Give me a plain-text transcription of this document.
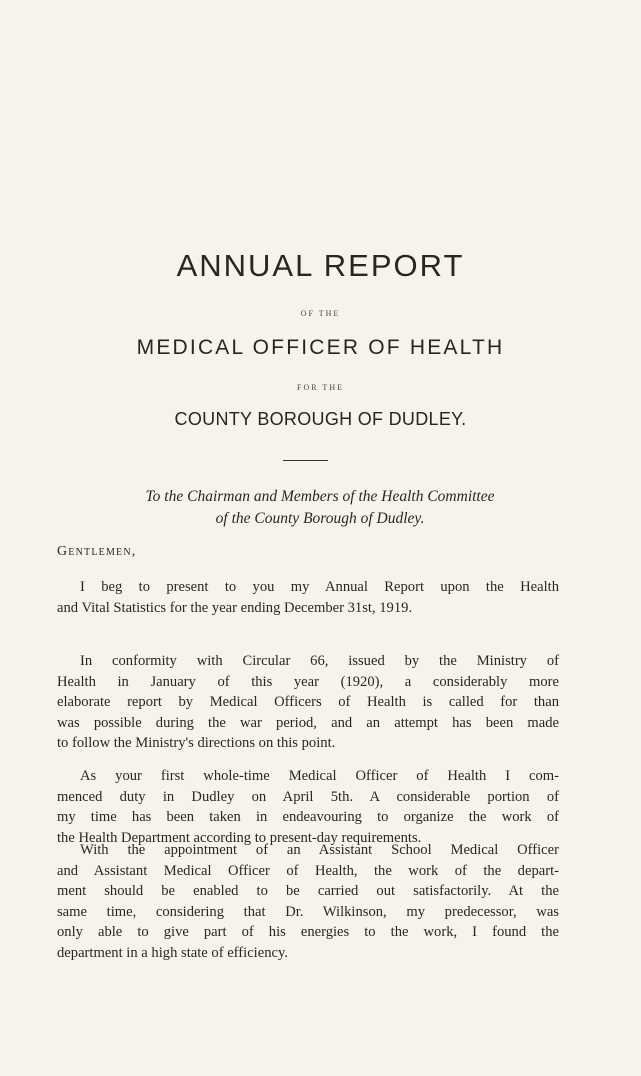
ANNUAL REPORT
OF THE
MEDICAL OFFICER OF HEALTH
FOR THE
COUNTY BOROUGH OF DUDLEY.
To the Chairman and Members of the Health Committee
of the County Borough of Dudley.
Gentlemen,
I beg to present to you my Annual Report upon the Health
and Vital Statistics for the year ending December 31st, 1919.
In conformity with Circular 66, issued by the Ministry of
Health in January of this year (1920), a considerably more
elaborate report by Medical Officers of Health is called for than
was possible during the war period, and an attempt has been made
to follow the Ministry's directions on this point.
As your first whole-time Medical Officer of Health I com-
menced duty in Dudley on April 5th. A considerable portion of
my time has been taken in endeavouring to organize the work of
the Health Department according to present-day requirements.
With the appointment of an Assistant School Medical Officer
and Assistant Medical Officer of Health, the work of the depart-
ment should be enabled to be carried out satisfactorily. At the
same time, considering that Dr. Wilkinson, my predecessor, was
only able to give part of his energies to the work, I found the
department in a high state of efficiency.
